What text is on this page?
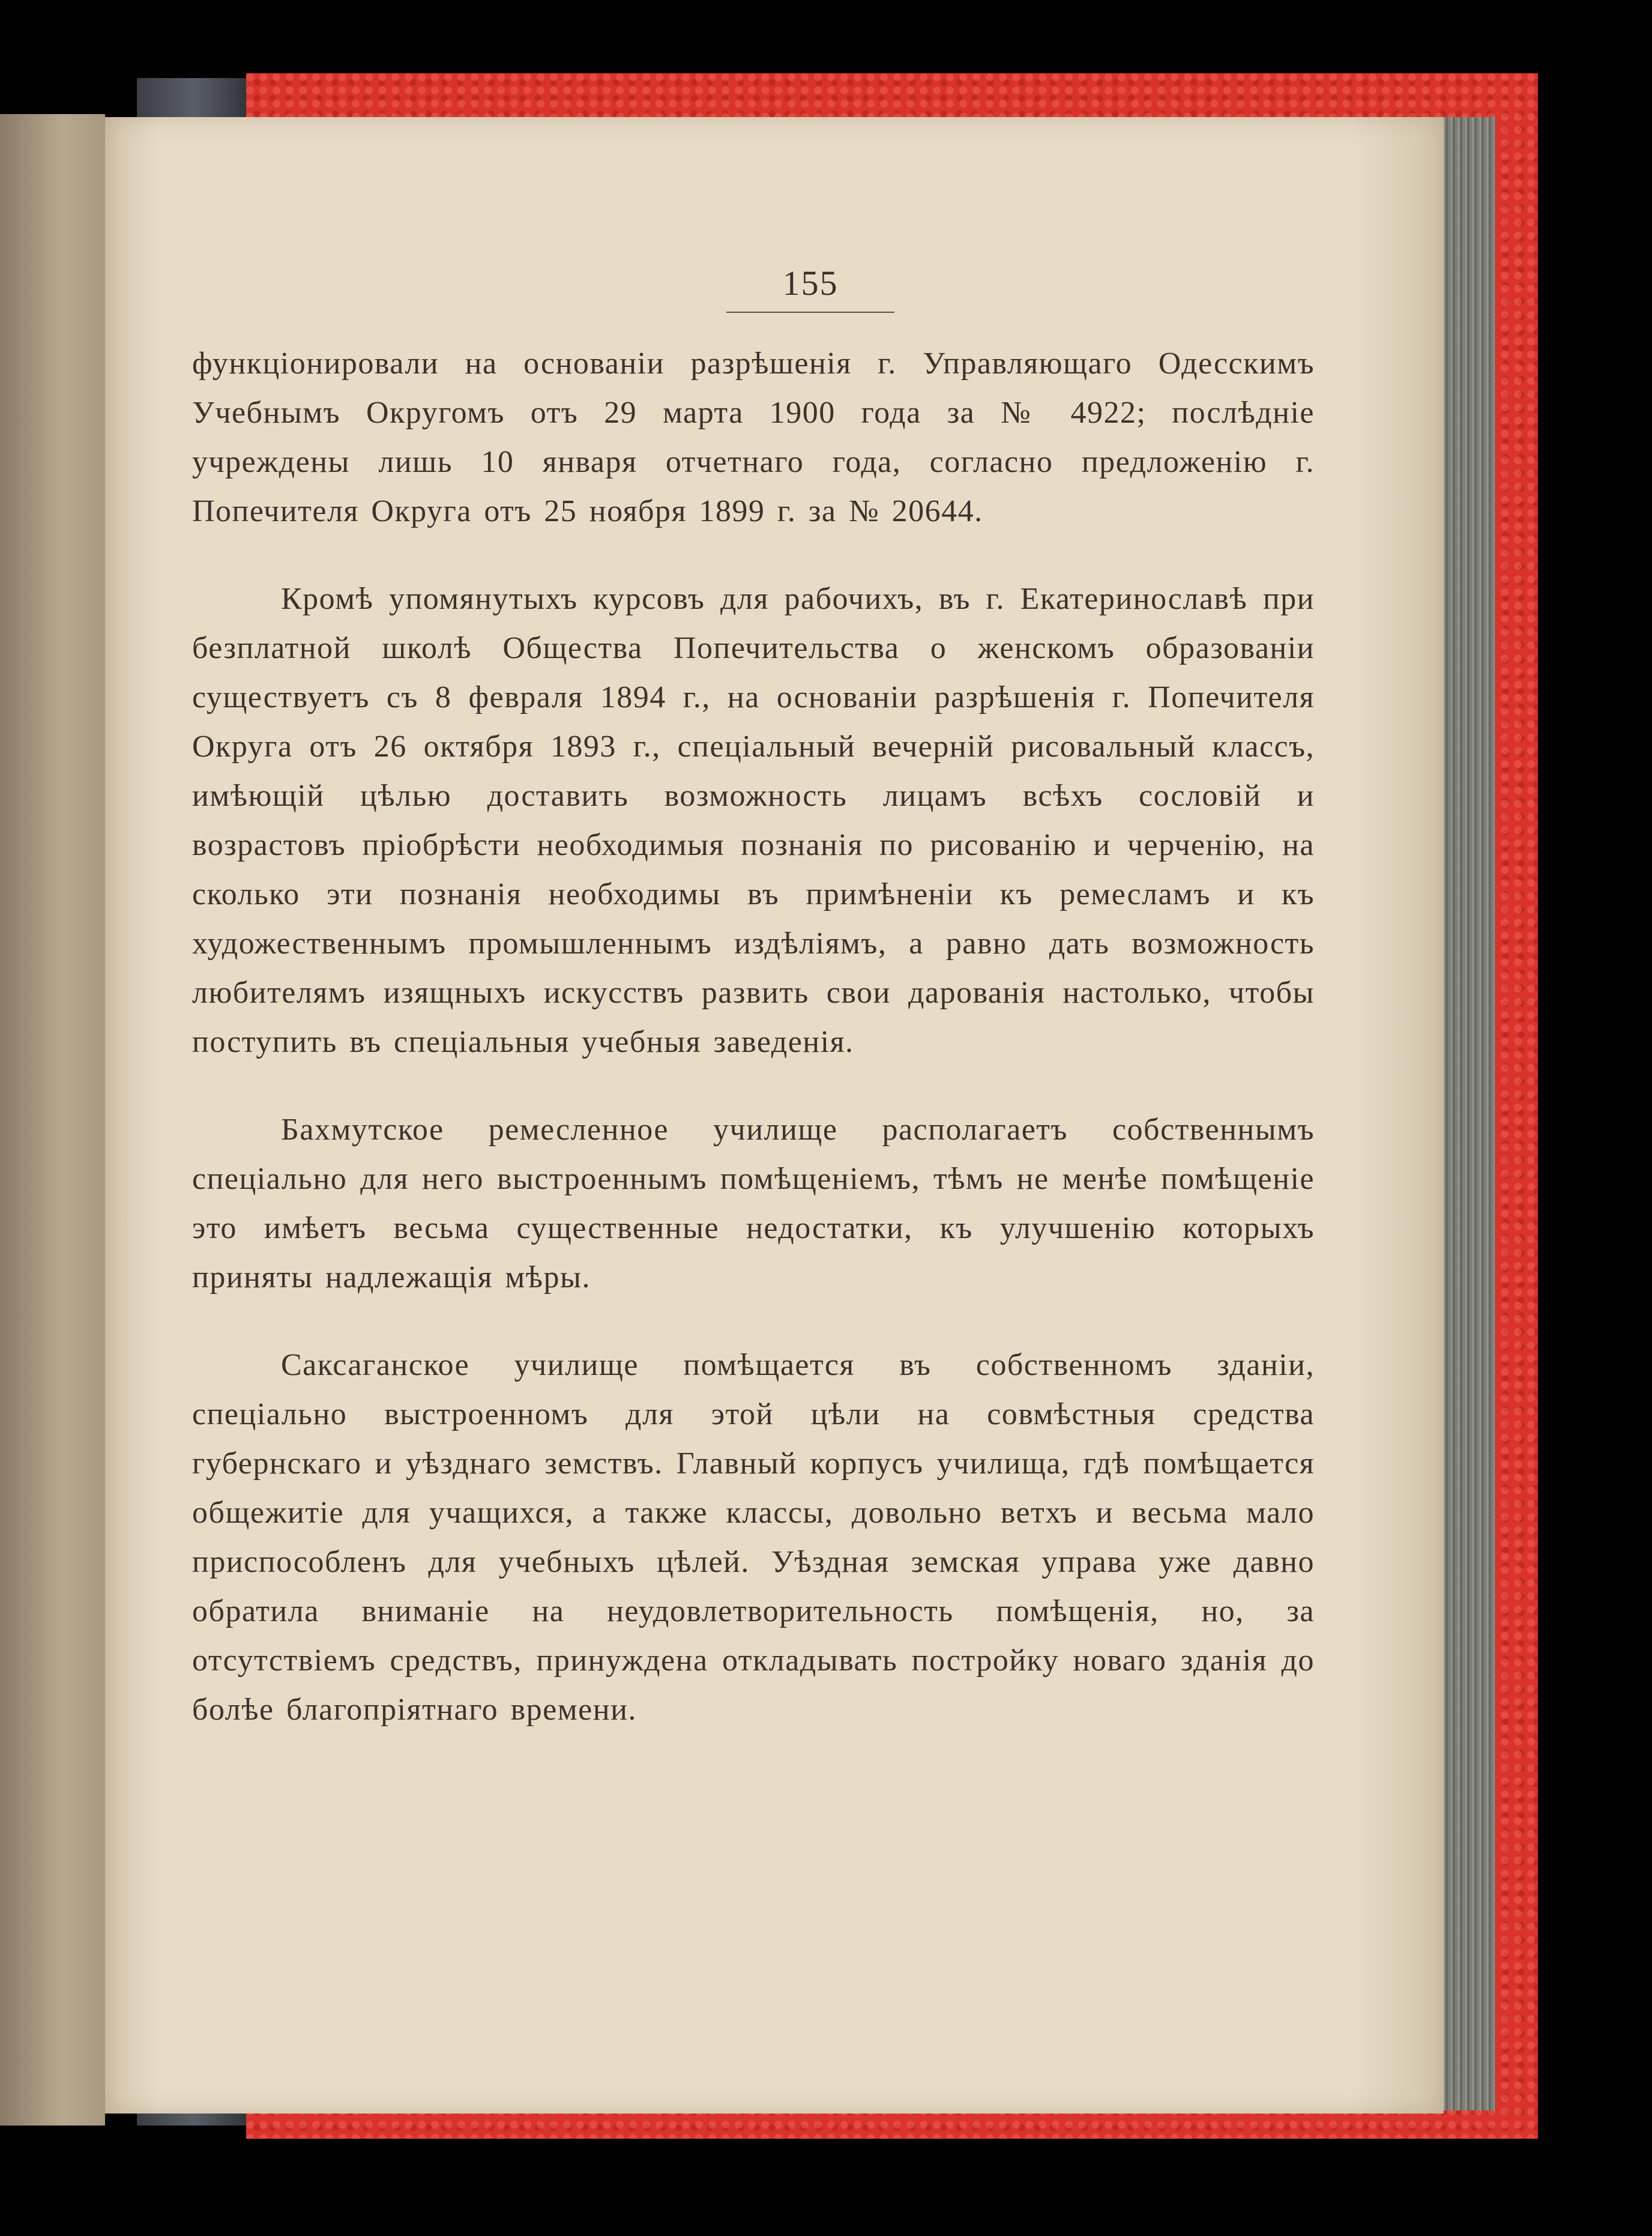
155

функціонировали на основаніи разрѣшенія г. Управляющаго Одесскимъ Учебнымъ Округомъ отъ 29 марта 1900 года за № 4922; послѣдніе учреждены лишь 10 января отчетнаго года, согласно предложенію г. Попечителя Округа отъ 25 ноября 1899 г. за № 20644.

Кромѣ упомянутыхъ курсовъ для рабочихъ, въ г. Екатеринославѣ при безплатной школѣ Общества Попечительства о женскомъ образованіи существуетъ съ 8 февраля 1894 г., на основаніи разрѣшенія г. Попечителя Округа отъ 26 октября 1893 г., спеціальный вечерній рисовальный классъ, имѣющій цѣлью доставить возможность лицамъ всѣхъ сословій и возрастовъ пріобрѣсти необходимыя познанія по рисованію и черченію, на сколько эти познанія необходимы въ примѣненіи къ ремесламъ и къ художественнымъ промышленнымъ издѣліямъ, а равно дать возможность любителямъ изящныхъ искусствъ развить свои дарованія настолько, чтобы поступить въ спеціальныя учебныя заведенія.

Бахмутское ремесленное училище располагаетъ собственнымъ спеціально для него выстроеннымъ помѣщеніемъ, тѣмъ не менѣе помѣщеніе это имѣетъ весьма существенные недостатки, къ улучшенію которыхъ приняты надлежащія мѣры.

Саксаганское училище помѣщается въ собственномъ зданіи, спеціально выстроенномъ для этой цѣли на совмѣстныя средства губернскаго и уѣзднаго земствъ. Главный корпусъ училища, гдѣ помѣщается общежитіе для учащихся, а также классы, довольно ветхъ и весьма мало приспособленъ для учебныхъ цѣлей. Уѣздная земская управа уже давно обратила вниманіе на неудовлетворительность помѣщенія, но, за отсутствіемъ средствъ, принуждена откладывать постройку новаго зданія до болѣе благопріятнаго времени.
